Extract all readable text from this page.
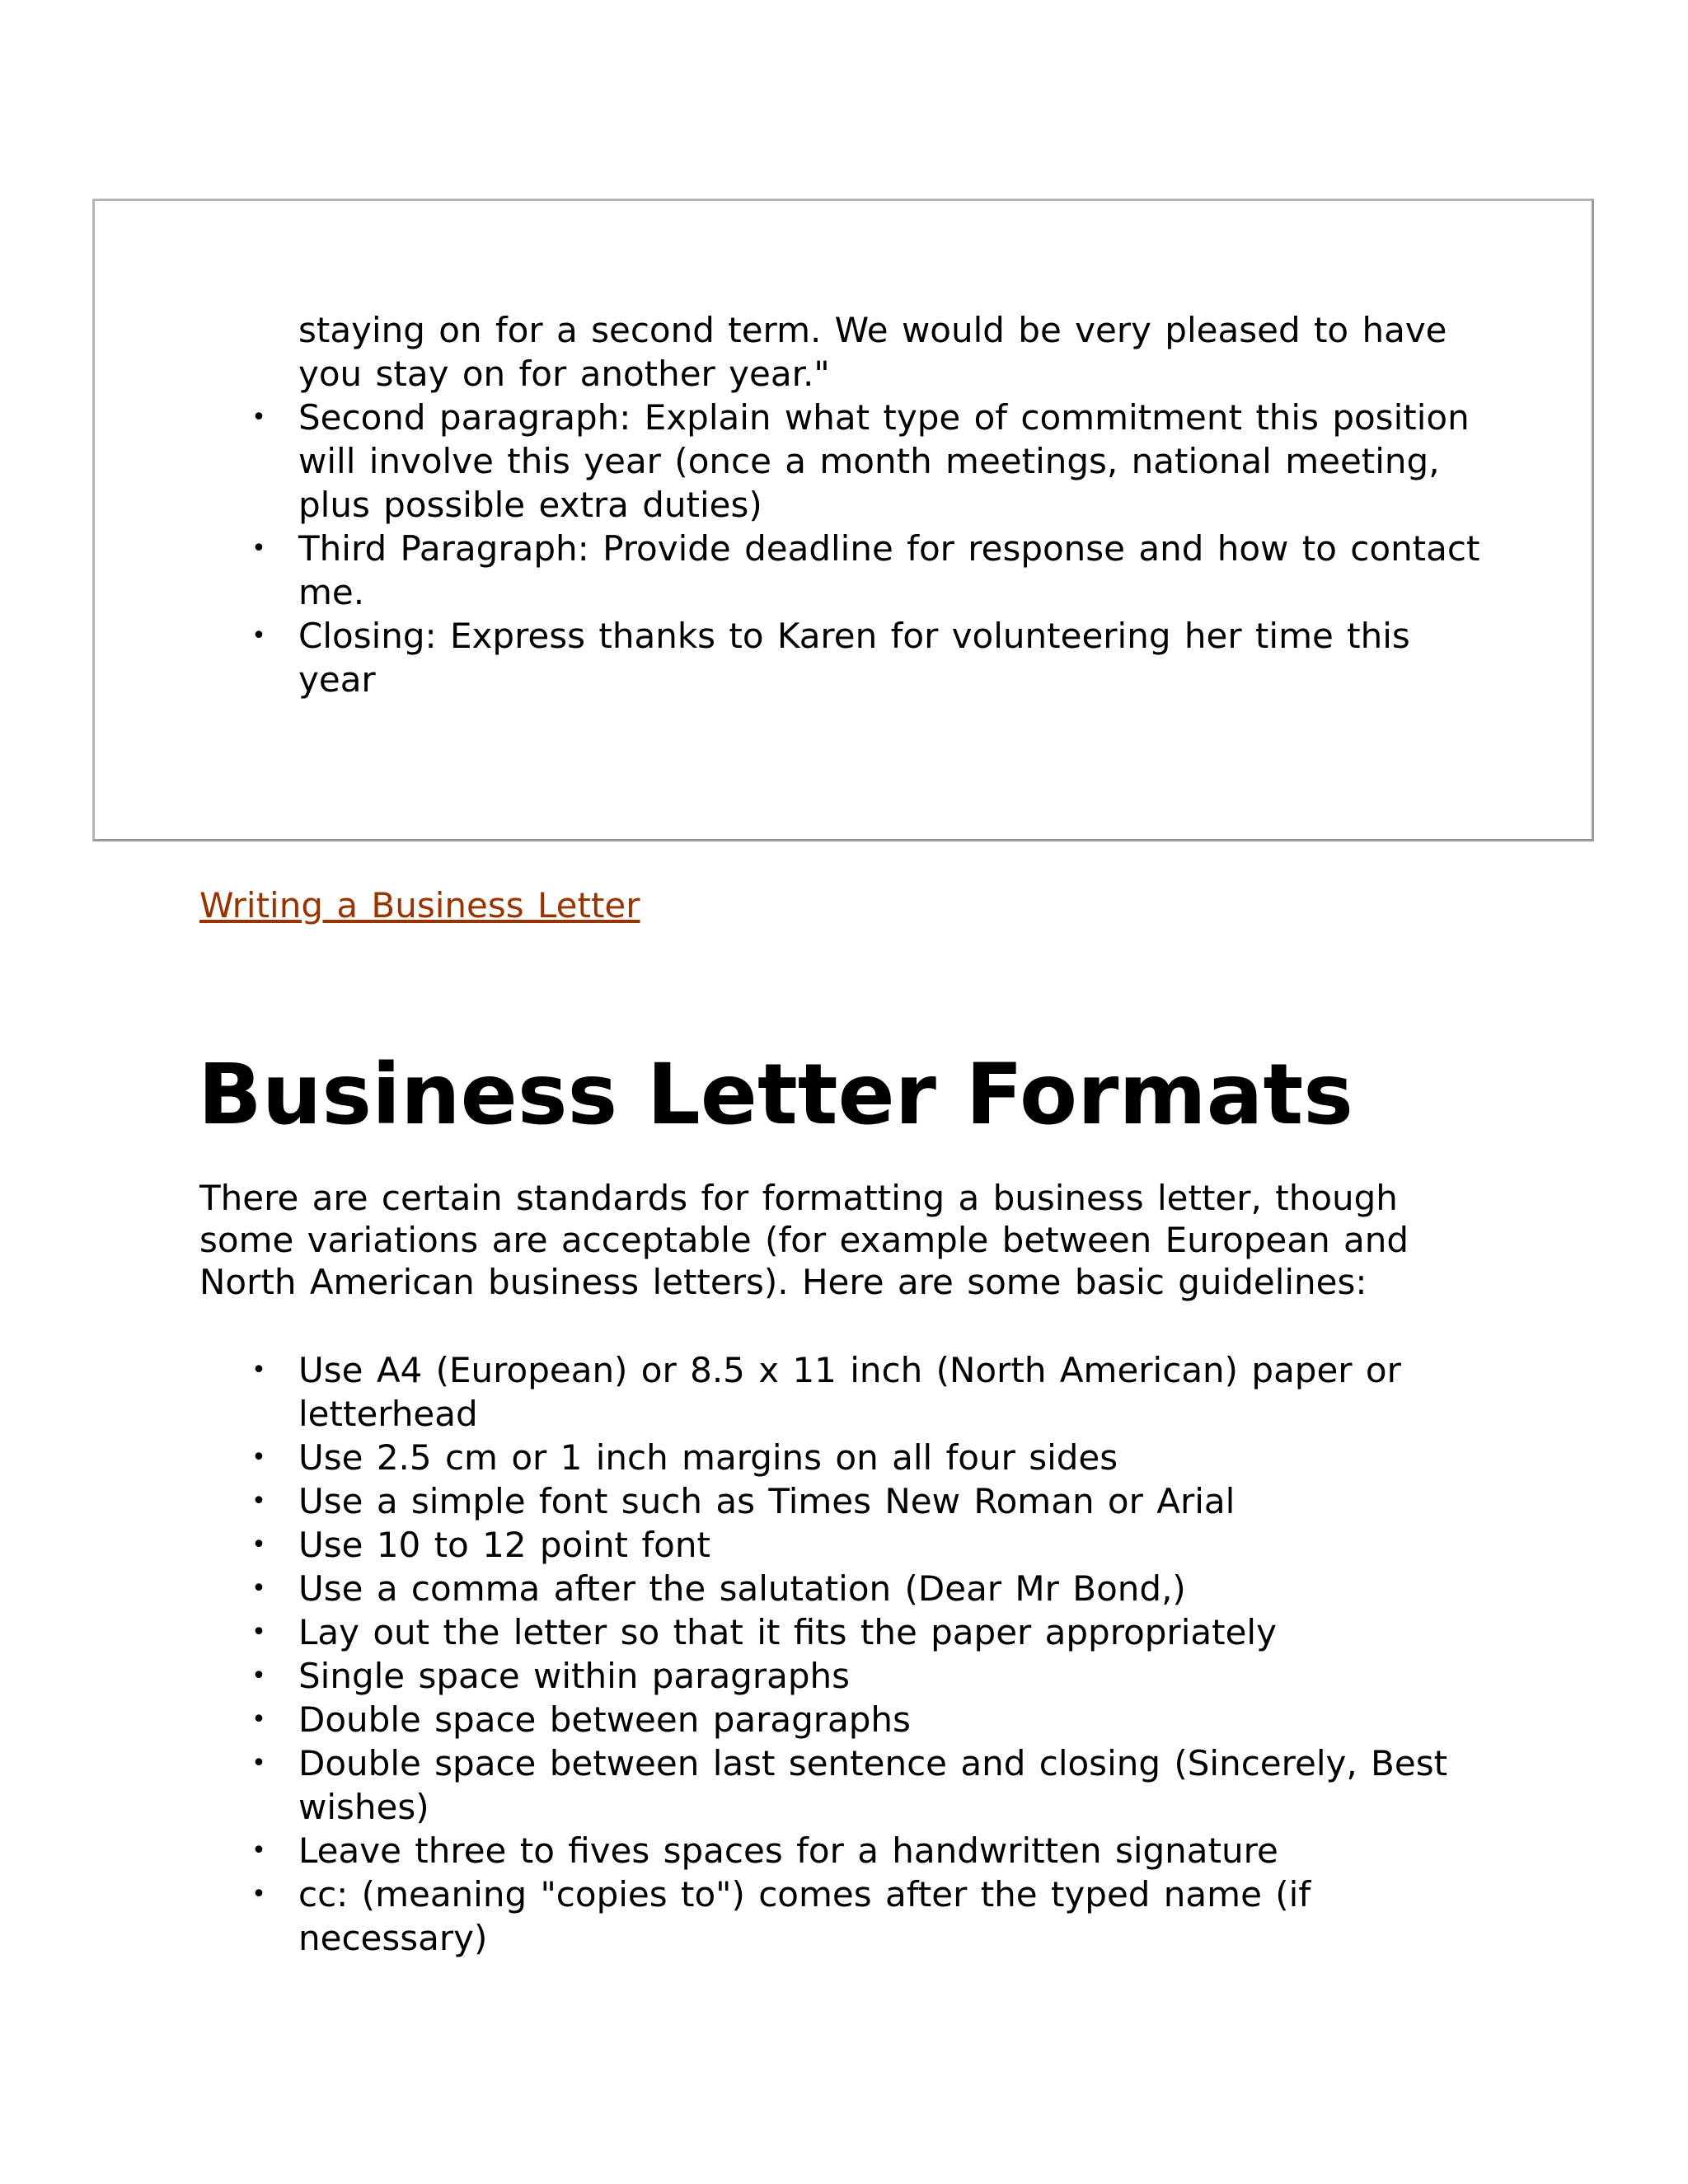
staying on for a second term. We would be very pleased to have you stay on for another year."
• Second paragraph: Explain what type of commitment this position will involve this year (once a month meetings, national meeting, plus possible extra duties)
• Third Paragraph: Provide deadline for response and how to contact me.
• Closing: Express thanks to Karen for volunteering her time this year
Writing a Business Letter
Business Letter Formats

There are certain standards for formatting a business letter, though some variations are acceptable (for example between European and North American business letters). Here are some basic guidelines:

• Use A4 (European) or 8.5 x 11 inch (North American) paper or letterhead
• Use 2.5 cm or 1 inch margins on all four sides
• Use a simple font such as Times New Roman or Arial
• Use 10 to 12 point font
• Use a comma after the salutation (Dear Mr Bond,)
• Lay out the letter so that it fits the paper appropriately
• Single space within paragraphs
• Double space between paragraphs
• Double space between last sentence and closing (Sincerely, Best wishes)
• Leave three to fives spaces for a handwritten signature
• cc: (meaning "copies to") comes after the typed name (if necessary)
